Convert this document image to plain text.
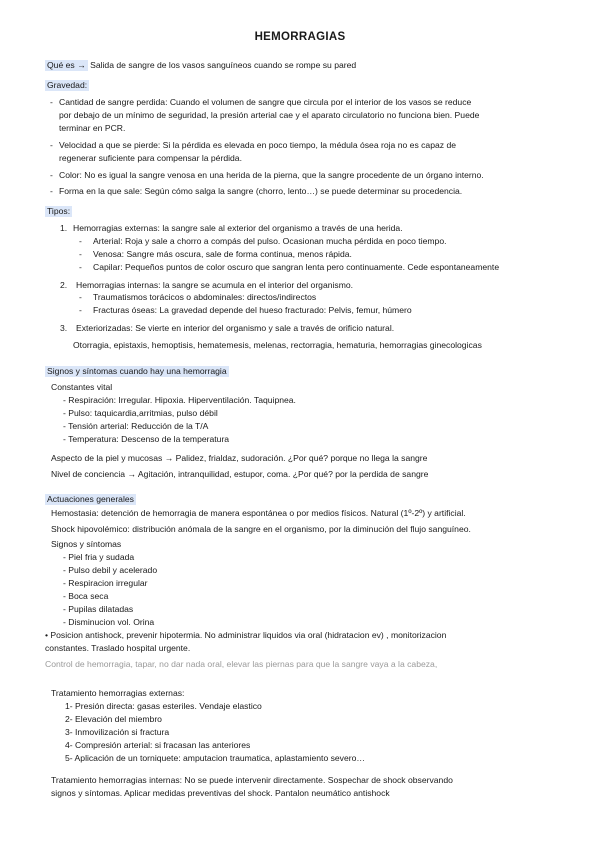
HEMORRAGIAS
Qué es → Salida de sangre de los vasos sanguíneos cuando se rompe su pared
Gravedad:
- Cantidad de sangre perdida: Cuando el volumen de sangre que circula por el interior de los vasos se reduce
por debajo de un mínimo de seguridad, la presión arterial cae y el aparato circulatorio no funciona bien. Puede
terminar en PCR.
- Velocidad a que se pierde: Si la pérdida es elevada en poco tiempo, la médula ósea roja no es capaz de
regenerar suficiente para compensar la pérdida.
- Color: No es igual la sangre venosa en una herida de la pierna, que la sangre procedente de un órgano interno.
- Forma en la que sale: Según cómo salga la sangre (chorro, lento…) se puede determinar su procedencia.
Tipos:
1. Hemorragias externas: la sangre sale al exterior del organismo a través de una herida.
- Arterial: Roja y sale a chorro a compás del pulso. Ocasionan mucha pérdida en poco tiempo.
- Venosa: Sangre más oscura, sale de forma continua, menos rápida.
- Capilar: Pequeños puntos de color oscuro que sangran lenta pero continuamente. Cede espontaneamente
2. Hemorragias internas: la sangre se acumula en el interior del organismo.
- Traumatismos torácicos o abdominales: directos/indirectos
- Fracturas óseas: La gravedad depende del hueso fracturado: Pelvis, femur, húmero
3. Exteriorizadas: Se vierte en interior del organismo y sale a través de orificio natural.
Otorragia, epistaxis, hemoptisis, hematemesis, melenas, rectorragia, hematuria, hemorragias ginecologicas
Signos y síntomas cuando hay una hemorragia
Constantes vital
- Respiración: Irregular. Hipoxia. Hiperventilación. Taquipnea.
- Pulso: taquicardia,arritmias, pulso débil
- Tensión arterial: Reducción de la T/A
- Temperatura: Descenso de la temperatura
Aspecto de la piel y mucosas → Palidez, frialdaz, sudoración. ¿Por qué? porque no llega la sangre
Nivel de conciencia → Agitación, intranquilidad, estupor, coma. ¿Por qué? por la perdida de sangre
Actuaciones generales
Hemostasia: detención de hemorragia de manera espontánea o por medios físicos. Natural (1º-2º) y artificial.
Shock hipovolémico: distribución anómala de la sangre en el organismo, por la diminución del flujo sanguíneo.
Signos y síntomas
- Piel fria y sudada
- Pulso debil y acelerado
- Respiracion irregular
- Boca seca
- Pupilas dilatadas
- Disminucion vol. Orina
• Posicion antishock, prevenir hipotermia. No administrar liquidos via oral (hidratacion ev) , monitorizacion
constantes. Traslado hospital urgente.
Control de hemorragia, tapar, no dar nada oral, elevar las piernas para que la sangre vaya a la cabeza,
Tratamiento hemorragias externas:
1- Presión directa: gasas esteriles. Vendaje elastico
2- Elevación del miembro
3- Inmovilización si fractura
4- Compresión arterial: si fracasan las anteriores
5- Aplicación de un torniquete: amputacion traumatica, aplastamiento severo…
Tratamiento hemorragias internas: No se puede intervenir directamente. Sospechar de shock observando
signos y síntomas. Aplicar medidas preventivas del shock. Pantalon neumático antishock
